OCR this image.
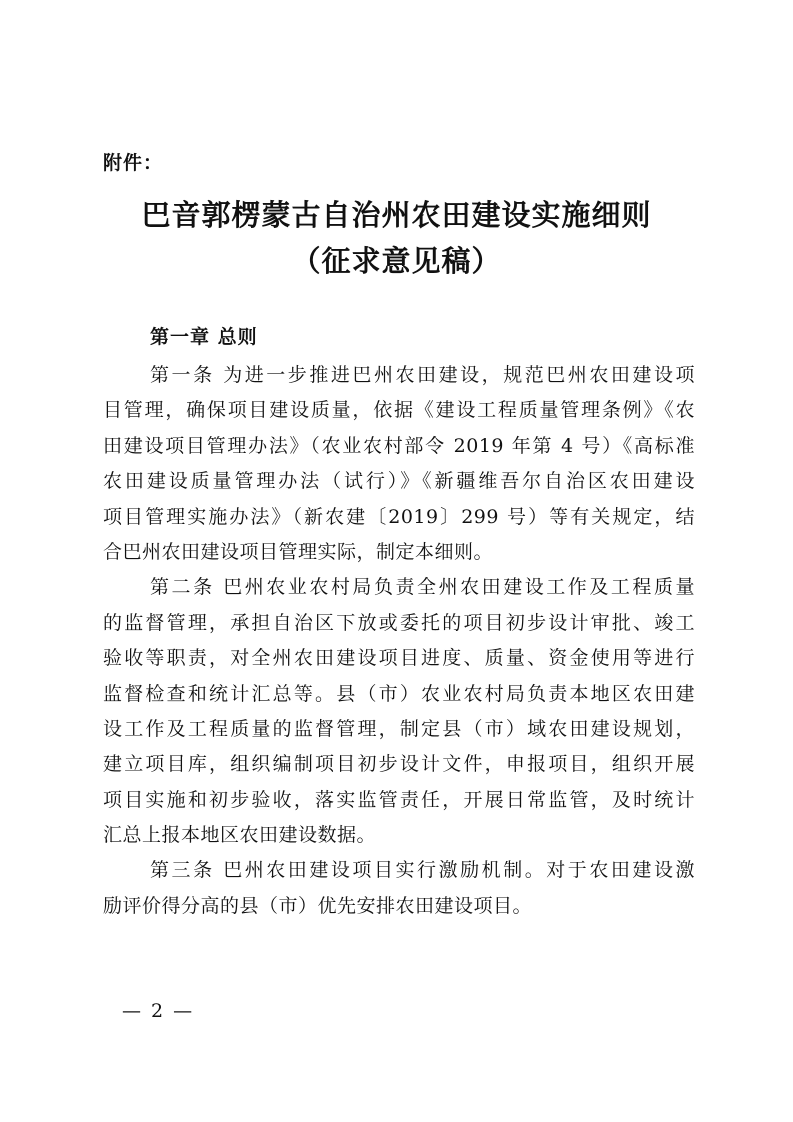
附件：
巴音郭楞蒙古自治州农田建设实施细则
（征求意见稿）
第一章 总则
第一条 为进一步推进巴州农田建设，规范巴州农田建设项
目管理，确保项目建设质量，依据《建设工程质量管理条例》《农
田建设项目管理办法》（农业农村部令 2019 年第 4 号）《高标准
农田建设质量管理办法（试行）》《新疆维吾尔自治区农田建设
项目管理实施办法》（新农建〔2019〕299 号）等有关规定，结
合巴州农田建设项目管理实际，制定本细则。
第二条 巴州农业农村局负责全州农田建设工作及工程质量
的监督管理，承担自治区下放或委托的项目初步设计审批、竣工
验收等职责，对全州农田建设项目进度、质量、资金使用等进行
监督检查和统计汇总等。县（市）农业农村局负责本地区农田建
设工作及工程质量的监督管理，制定县（市）域农田建设规划，
建立项目库，组织编制项目初步设计文件，申报项目，组织开展
项目实施和初步验收，落实监管责任，开展日常监管，及时统计
汇总上报本地区农田建设数据。
第三条 巴州农田建设项目实行激励机制。对于农田建设激
励评价得分高的县（市）优先安排农田建设项目。
— 2 —
